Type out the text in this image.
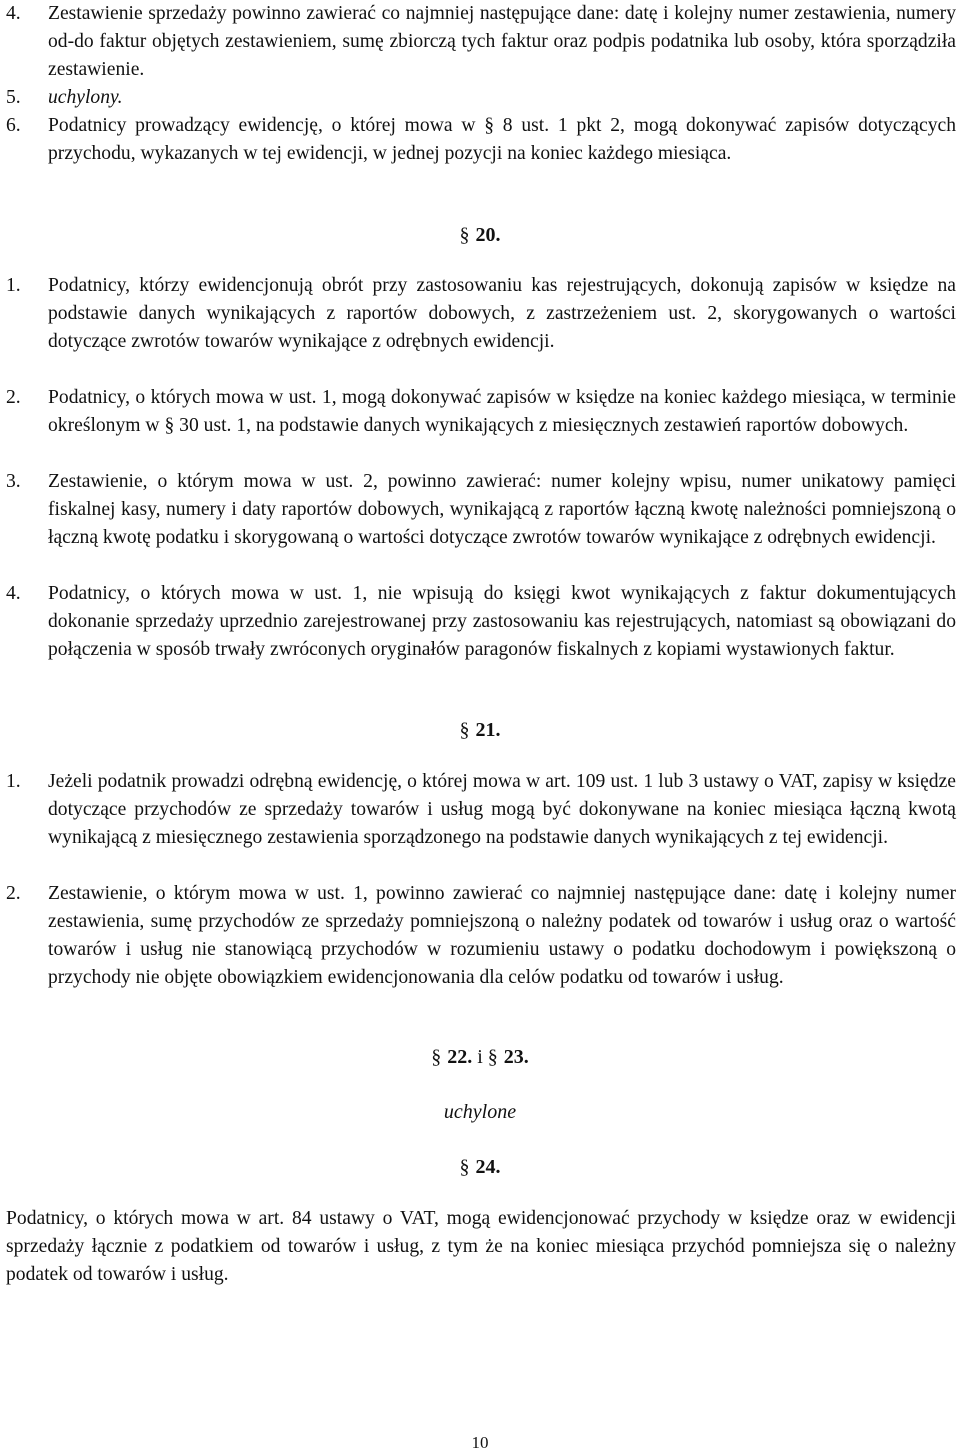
4. Zestawienie sprzedaży powinno zawierać co najmniej następujące dane: datę i kolejny numer zestawienia, numery od-do faktur objętych zestawieniem, sumę zbiorczą tych faktur oraz podpis podatnika lub osoby, która sporządziła zestawienie.
5. uchylony.
6. Podatnicy prowadzący ewidencję, o której mowa w § 8 ust. 1 pkt 2, mogą dokonywać zapisów dotyczących przychodu, wykazanych w tej ewidencji, w jednej pozycji na koniec każdego miesiąca.
§ 20.
1. Podatnicy, którzy ewidencjonują obrót przy zastosowaniu kas rejestrujących, dokonują zapisów w księdze na podstawie danych wynikających z raportów dobowych, z zastrzeżeniem ust. 2, skorygowanych o wartości dotyczące zwrotów towarów wynikające z odrębnych ewidencji.
2. Podatnicy, o których mowa w ust. 1, mogą dokonywać zapisów w księdze na koniec każdego miesiąca, w terminie określonym w § 30 ust. 1, na podstawie danych wynikających z miesięcznych zestawień raportów dobowych.
3. Zestawienie, o którym mowa w ust. 2, powinno zawierać: numer kolejny wpisu, numer unikatowy pamięci fiskalnej kasy, numery i daty raportów dobowych, wynikającą z raportów łączną kwotę należności pomniejszoną o łączną kwotę podatku i skorygowaną o wartości dotyczące zwrotów towarów wynikające z odrębnych ewidencji.
4. Podatnicy, o których mowa w ust. 1, nie wpisują do księgi kwot wynikających z faktur dokumentujących dokonanie sprzedaży uprzednio zarejestrowanej przy zastosowaniu kas rejestrujących, natomiast są obowiązani do połączenia w sposób trwały zwróconych oryginałów paragonów fiskalnych z kopiami wystawionych faktur.
§ 21.
1. Jeżeli podatnik prowadzi odrębną ewidencję, o której mowa w art. 109 ust. 1 lub 3 ustawy o VAT, zapisy w księdze dotyczące przychodów ze sprzedaży towarów i usług mogą być dokonywane na koniec miesiąca łączną kwotą wynikającą z miesięcznego zestawienia sporządzonego na podstawie danych wynikających z tej ewidencji.
2. Zestawienie, o którym mowa w ust. 1, powinno zawierać co najmniej następujące dane: datę i kolejny numer zestawienia, sumę przychodów ze sprzedaży pomniejszoną o należny podatek od towarów i usług oraz o wartość towarów i usług nie stanowiącą przychodów w rozumieniu ustawy o podatku dochodowym i powiększoną o przychody nie objęte obowiązkiem ewidencjonowania dla celów podatku od towarów i usług.
§ 22. i § 23.
uchylone
§ 24.
Podatnicy, o których mowa w art. 84 ustawy o VAT, mogą ewidencjonować przychody w księdze oraz w ewidencji sprzedaży łącznie z podatkiem od towarów i usług, z tym że na koniec miesiąca przychód pomniejsza się o należny podatek od towarów i usług.
10
